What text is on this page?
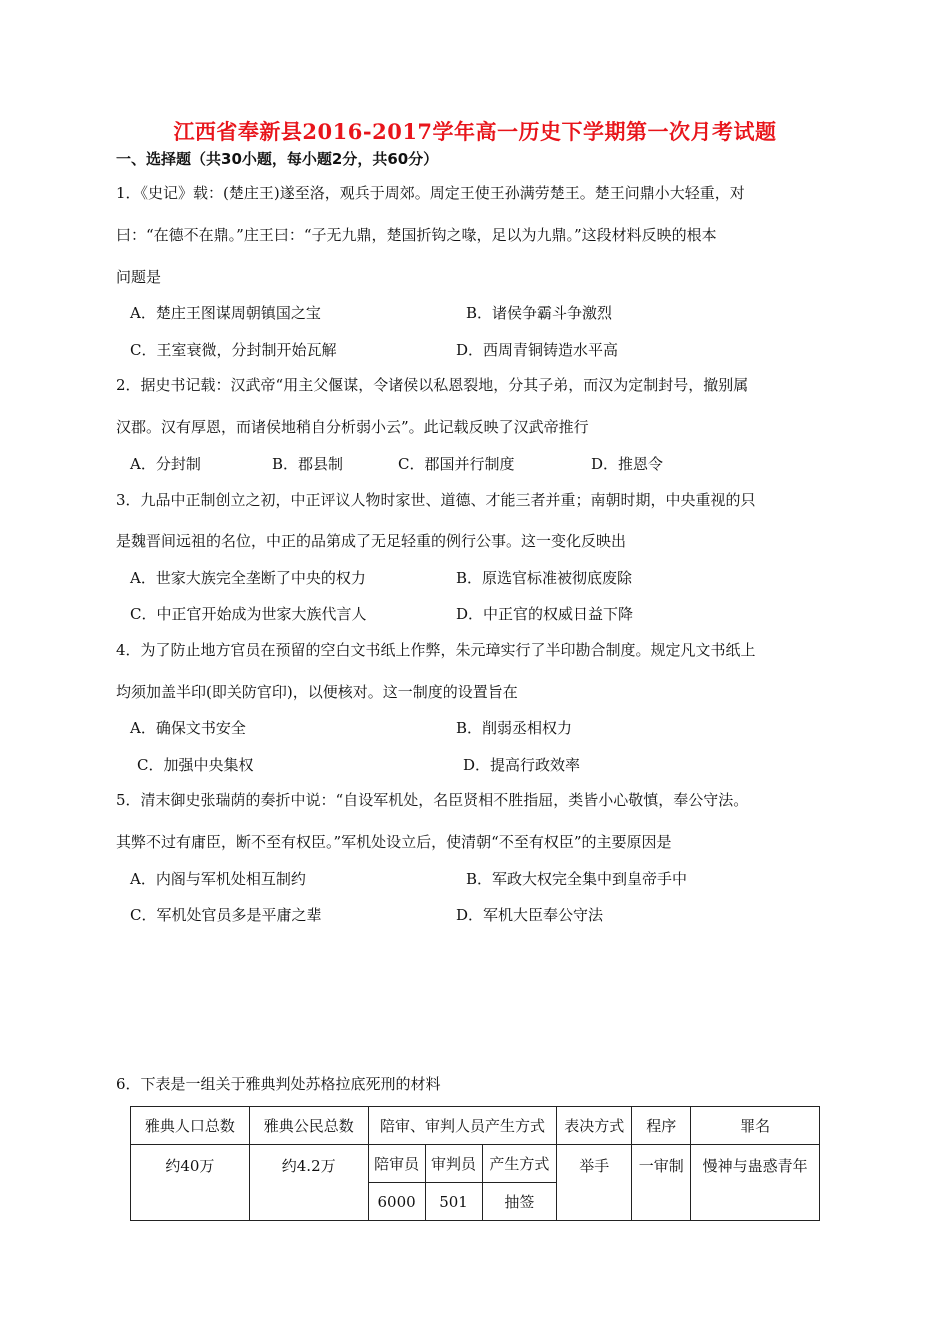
江西省奉新县2016-2017学年高一历史下学期第一次月考试题
一、选择题（共30小题，每小题2分，共60分）
1．《史记》载：(楚庄王)遂至洛，观兵于周郊。周定王使王孙满劳楚王。楚王问鼎小大轻重，对
曰：“在德不在鼎。”庄王曰：“子无九鼎，楚国折钩之喙，足以为九鼎。”这段材料反映的根本
问题是
A．楚庄王图谋周朝镇国之宝	B．诸侯争霸斗争激烈
C．王室衰微，分封制开始瓦解	D．西周青铜铸造水平高
2．据史书记载：汉武帝“用主父偃谋，令诸侯以私恩裂地，分其子弟，而汉为定制封号，撤别属
汉郡。汉有厚恩，而诸侯地稍自分析弱小云”。此记载反映了汉武帝推行
A．分封制	B．郡县制	C．郡国并行制度	D．推恩令
3．九品中正制创立之初，中正评议人物时家世、道德、才能三者并重；南朝时期，中央重视的只
是魏晋间远祖的名位，中正的品第成了无足轻重的例行公事。这一变化反映出
A．世家大族完全垄断了中央的权力	B．原选官标准被彻底废除
C．中正官开始成为世家大族代言人	D．中正官的权威日益下降
4．为了防止地方官员在预留的空白文书纸上作弊，朱元璋实行了半印勘合制度。规定凡文书纸上
均须加盖半印(即关防官印)，以便核对。这一制度的设置旨在
A．确保文书安全	B．削弱丞相权力
C．加强中央集权	D．提高行政效率
5．清末御史张瑞荫的奏折中说：“自设军机处，名臣贤相不胜指屈，类皆小心敬慎，奉公守法。
其弊不过有庸臣，断不至有权臣。”军机处设立后，使清朝“不至有权臣”的主要原因是
A．内阁与军机处相互制约	B．军政大权完全集中到皇帝手中
C．军机处官员多是平庸之辈	D．军机大臣奉公守法
6．下表是一组关于雅典判处苏格拉底死刑的材料
雅典人口总数	雅典公民总数	陪审、审判人员产生方式			表决方式	程序	罪名
约40万	约4.2万	陪审员	审判员	产生方式	举手	一审制	慢神与蛊惑青年
		6000	501	抽签			
